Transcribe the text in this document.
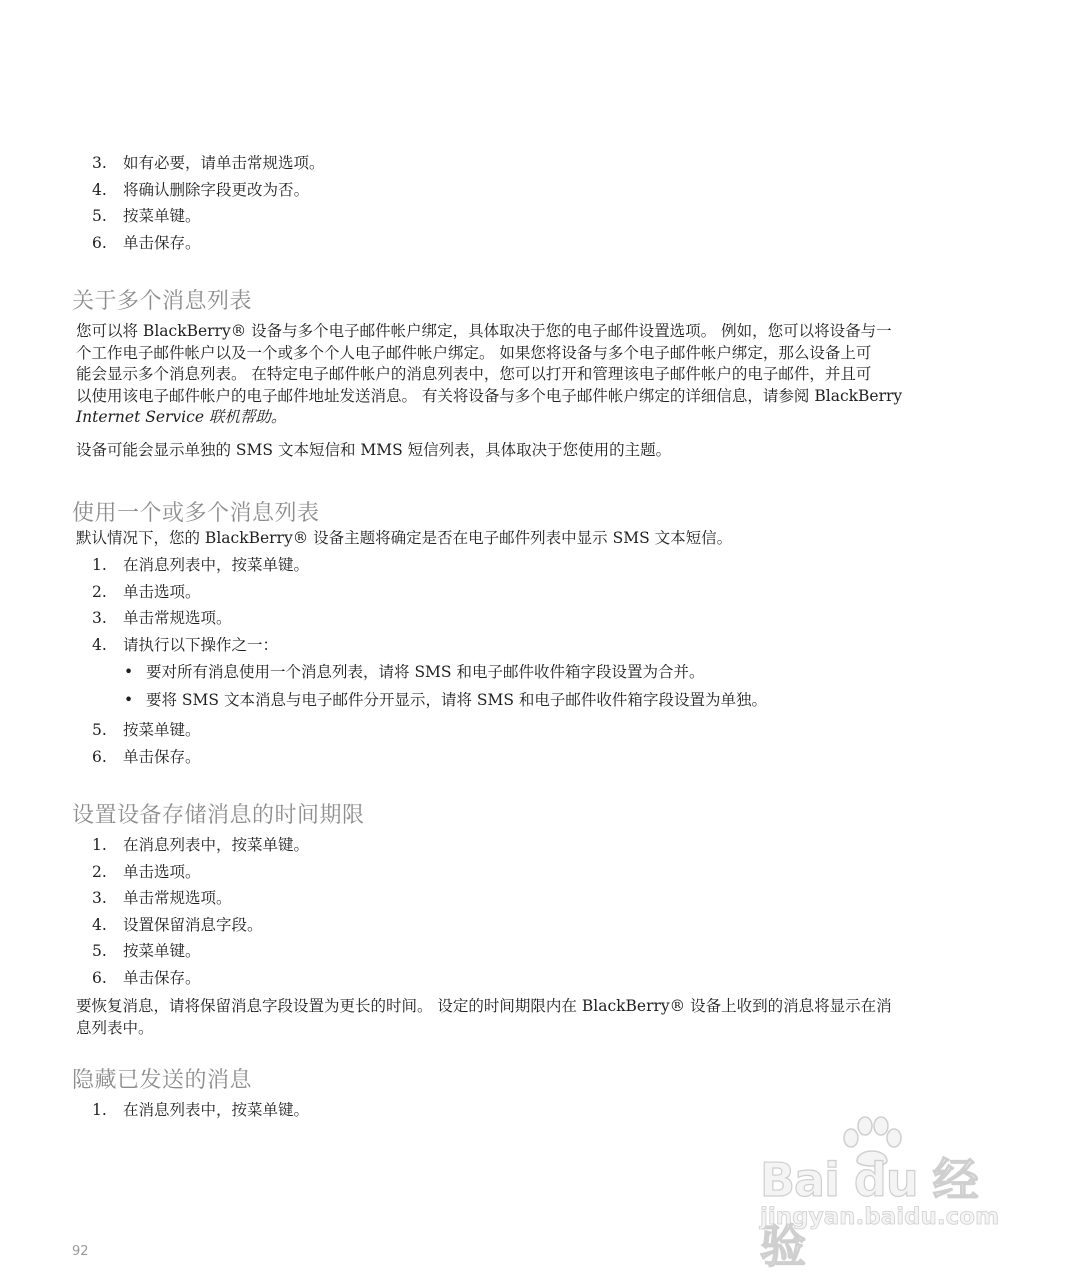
3. 如有必要，请单击常规选项。
4. 将确认删除字段更改为否。
5. 按菜单键。
6. 单击保存。
关于多个消息列表
您可以将 BlackBerry® 设备与多个电子邮件帐户绑定，具体取决于您的电子邮件设置选项。 例如，您可以将设备与一
个工作电子邮件帐户以及一个或多个个人电子邮件帐户绑定。 如果您将设备与多个电子邮件帐户绑定，那么设备上可
能会显示多个消息列表。 在特定电子邮件帐户的消息列表中，您可以打开和管理该电子邮件帐户的电子邮件，并且可
以使用该电子邮件帐户的电子邮件地址发送消息。 有关将设备与多个电子邮件帐户绑定的详细信息，请参阅 BlackBerry
Internet Service 联机帮助。

设备可能会显示单独的 SMS 文本短信和 MMS 短信列表，具体取决于您使用的主题。

使用一个或多个消息列表

默认情况下，您的 BlackBerry® 设备主题将确定是否在电子邮件列表中显示 SMS 文本短信。

1. 在消息列表中，按菜单键。
2. 单击选项。
3. 单击常规选项。
4. 请执行以下操作之一：
• 要对所有消息使用一个消息列表，请将 SMS 和电子邮件收件箱字段设置为合并。
• 要将 SMS 文本消息与电子邮件分开显示，请将 SMS 和电子邮件收件箱字段设置为单独。
5. 按菜单键。
6. 单击保存。
设置设备存储消息的时间期限
1. 在消息列表中，按菜单键。
2. 单击选项。
3. 单击常规选项。
4. 设置保留消息字段。
5. 按菜单键。
6. 单击保存。
要恢复消息，请将保留消息字段设置为更长的时间。 设定的时间期限内在 BlackBerry® 设备上收到的消息将显示在消
息列表中。
隐藏已发送的消息
1. 在消息列表中，按菜单键。
Bai du 经验
jingyan.baidu.com
92
